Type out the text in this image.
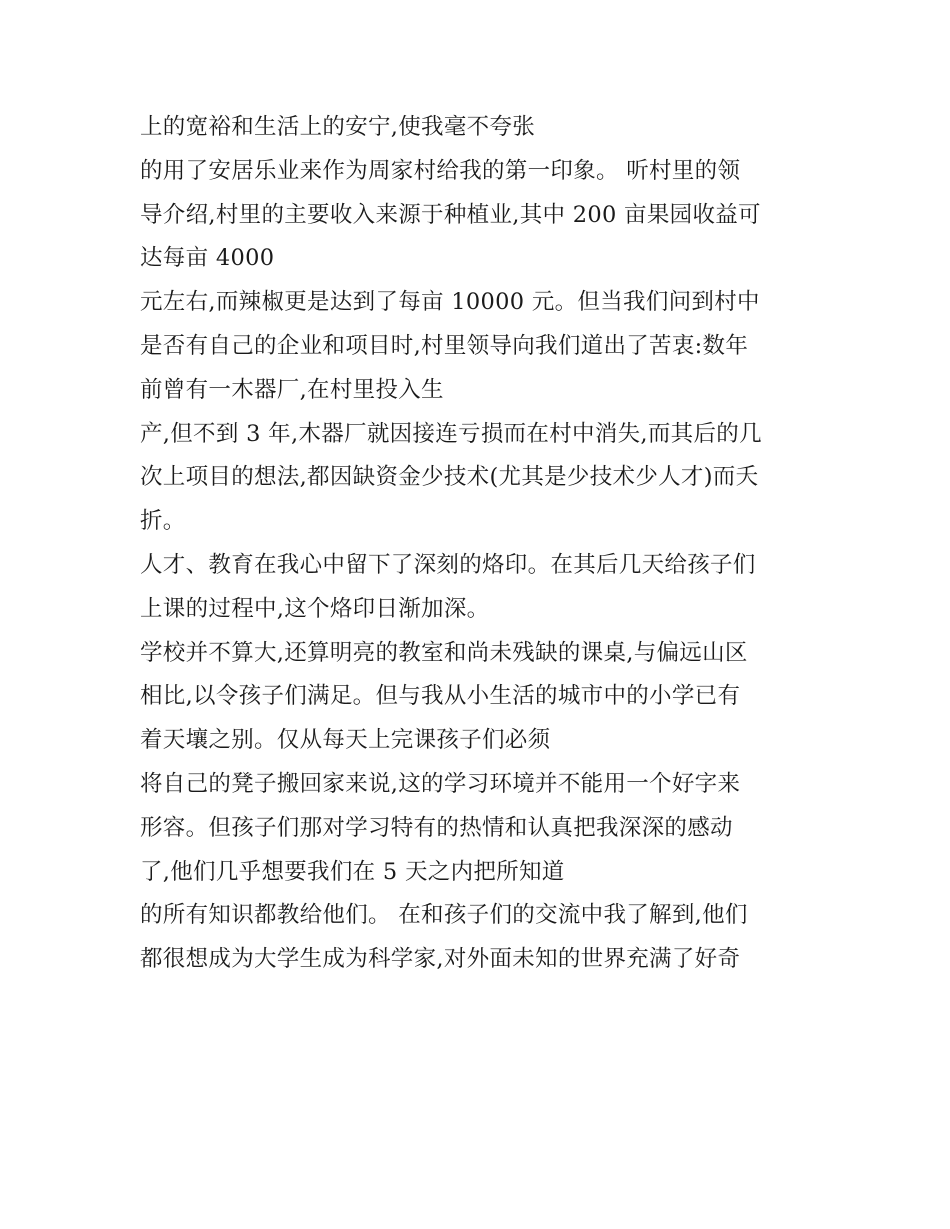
上的宽裕和生活上的安宁,使我毫不夸张
的用了安居乐业来作为周家村给我的第一印象。 听村里的领
导介绍,村里的主要收入来源于种植业,其中 200 亩果园收益可
达每亩 4000
元左右,而辣椒更是达到了每亩 10000 元。但当我们问到村中
是否有自己的企业和项目时,村里领导向我们道出了苦衷:数年
前曾有一木器厂,在村里投入生
产,但不到 3 年,木器厂就因接连亏损而在村中消失,而其后的几
次上项目的想法,都因缺资金少技术(尤其是少技术少人才)而夭
折。
人才、教育在我心中留下了深刻的烙印。在其后几天给孩子们
上课的过程中,这个烙印日渐加深。
学校并不算大,还算明亮的教室和尚未残缺的课桌,与偏远山区
相比,以令孩子们满足。但与我从小生活的城市中的小学已有
着天壤之别。仅从每天上完课孩子们必须
将自己的凳子搬回家来说,这的学习环境并不能用一个好字来
形容。但孩子们那对学习特有的热情和认真把我深深的感动
了,他们几乎想要我们在 5 天之内把所知道
的所有知识都教给他们。 在和孩子们的交流中我了解到,他们
都很想成为大学生成为科学家,对外面未知的世界充满了好奇
